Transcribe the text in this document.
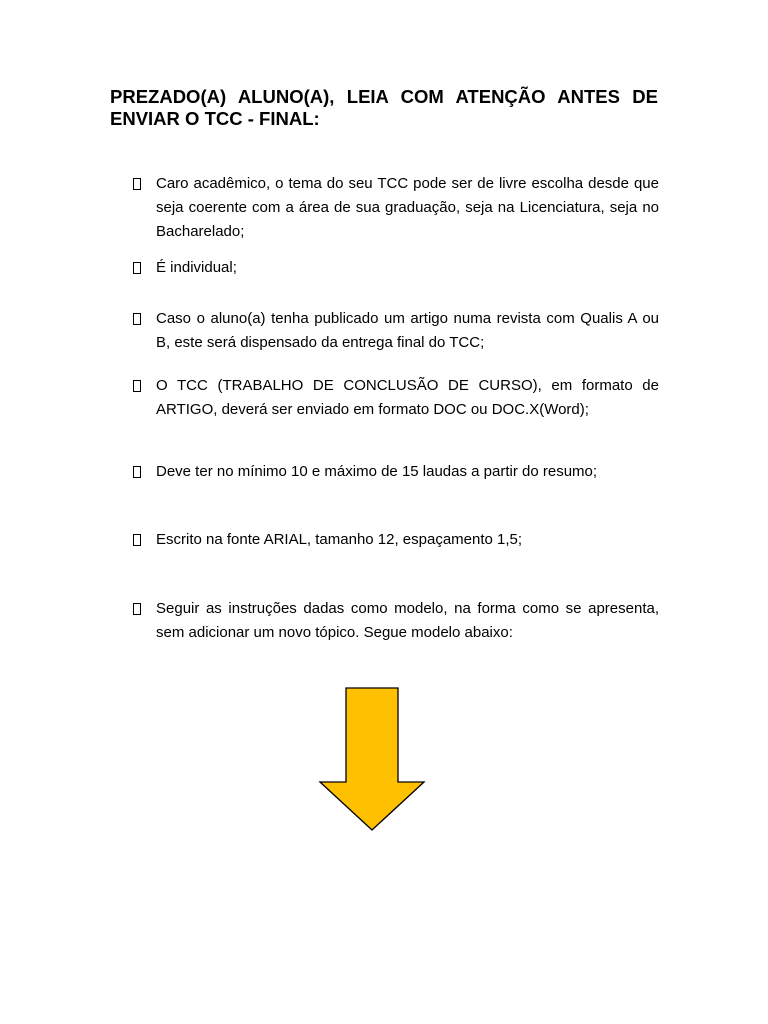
PREZADO(A) ALUNO(A), LEIA COM ATENÇÃO ANTES DE ENVIAR O TCC - FINAL:
Caro acadêmico, o tema do seu TCC pode ser de livre escolha desde que seja coerente com a área de sua graduação, seja na Licenciatura, seja no Bacharelado;
É individual;
Caso o aluno(a) tenha publicado um artigo numa revista com Qualis A ou B, este será dispensado da entrega final do TCC;
O TCC (TRABALHO DE CONCLUSÃO DE CURSO), em formato de ARTIGO, deverá ser enviado em formato DOC ou DOC.X(Word);
Deve ter no mínimo 10 e máximo de 15 laudas a partir do resumo;
Escrito na fonte ARIAL, tamanho 12, espaçamento 1,5;
Seguir as instruções dadas como modelo, na forma como se apresenta, sem adicionar um novo tópico. Segue modelo abaixo:
